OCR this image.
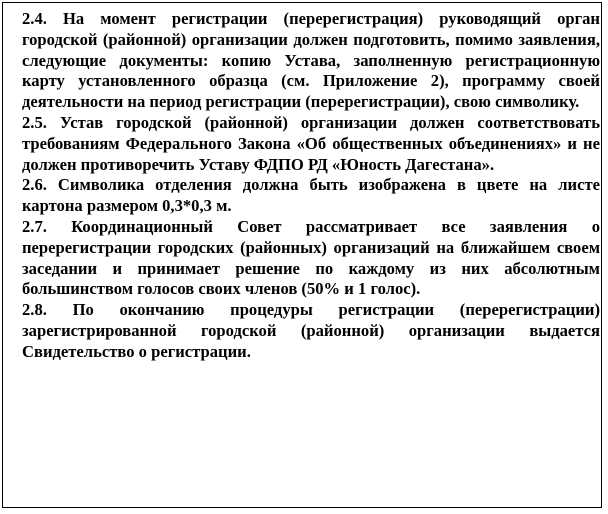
2.4. На момент регистрации (перерегистрация) руководящий орган городской (районной) организации должен подготовить, помимо заявления, следующие документы: копию Устава, заполненную регистрационную карту установленного образца (см. Приложение 2), программу своей деятельности на период регистрации (перерегистрации), свою символику.

2.5. Устав городской (районной) организации должен соответствовать требованиям Федерального Закона «Об общественных объединениях» и не должен противоречить Уставу ФДПО РД «Юность Дагестана».

2.6. Символика отделения должна быть изображена в цвете на листе картона размером 0,3*0,3 м.

2.7. Координационный Совет рассматривает все заявления о перерегистрации городских (районных) организаций на ближайшем своем заседании и принимает решение по каждому из них абсолютным большинством голосов своих членов (50% и 1 голос).

2.8. По окончанию процедуры регистрации (перерегистрации) зарегистрированной городской (районной) организации выдается Свидетельство о регистрации.
